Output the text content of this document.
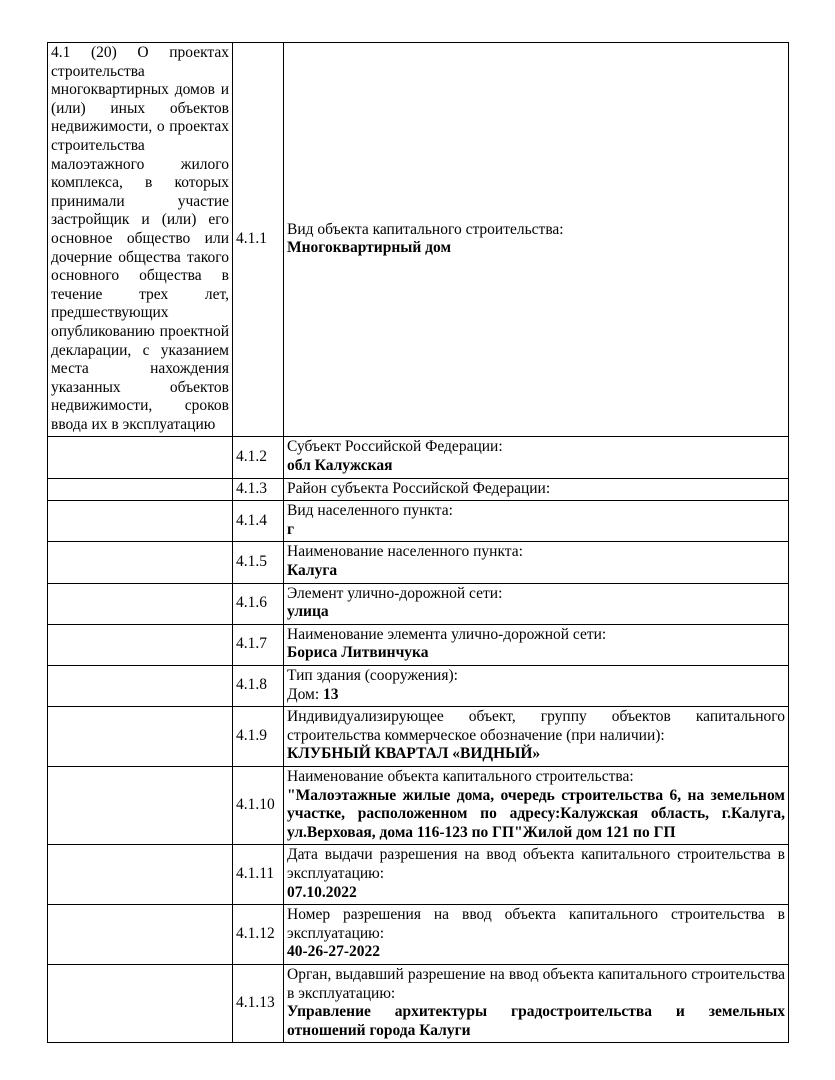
4.1 (20) О проектах строительства многоквартирных домов и (или) иных объектов недвижимости, о проектах строительства малоэтажного жилого комплекса, в которых принимали участие застройщик и (или) его основное общество или дочерние общества такого основного общества в течение трех лет, предшествующих опубликованию проектной декларации, с указанием места нахождения указанных объектов недвижимости, сроков ввода их в эксплуатацию	4.1.1	Вид объекта капитального строительства:
Многоквартирный дом

	4.1.2	Субъект Российской Федерации:
обл Калужская

	4.1.3	Район субъекта Российской Федерации:

	4.1.4	Вид населенного пункта:
г

	4.1.5	Наименование населенного пункта:
Калуга

	4.1.6	Элемент улично-дорожной сети:
улица

	4.1.7	Наименование элемента улично-дорожной сети:
Бориса Литвинчука

	4.1.8	Тип здания (сооружения):
Дом: 13

	4.1.9	Индивидуализирующее объект, группу объектов капитального строительства коммерческое обозначение (при наличии):
КЛУБНЫЙ КВАРТАЛ «ВИДНЫЙ»

	4.1.10	Наименование объекта капитального строительства:
"Малоэтажные жилые дома, очередь строительства 6, на земельном участке, расположенном по адресу:Калужская область, г.Калуга, ул.Верховая, дома 116-123 по ГП"Жилой дом 121 по ГП

	4.1.11	Дата выдачи разрешения на ввод объекта капитального строительства в эксплуатацию:
07.10.2022

	4.1.12	Номер разрешения на ввод объекта капитального строительства в эксплуатацию:
40-26-27-2022

	4.1.13	Орган, выдавший разрешение на ввод объекта капитального строительства в эксплуатацию:
Управление архитектуры градостроительства и земельных отношений города Калуги
